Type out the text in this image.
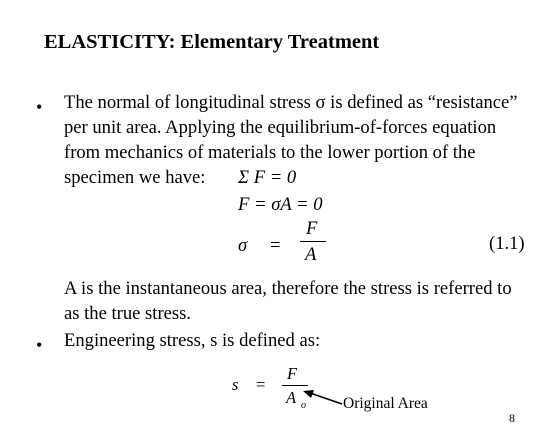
ELASTICITY: Elementary Treatment
• The normal of longitudinal stress σ is defined as “resistance”
per unit area. Applying the equilibrium-of-forces equation
from mechanics of materials to the lower portion of the
specimen we have: Σ F = 0
F = σA = 0
σ =
F
A
(1.1)
A is the instantaneous area, therefore the stress is referred to
as the true stress.
• Engineering stress, s is defined as:
s =
F
A o Original Area
8
